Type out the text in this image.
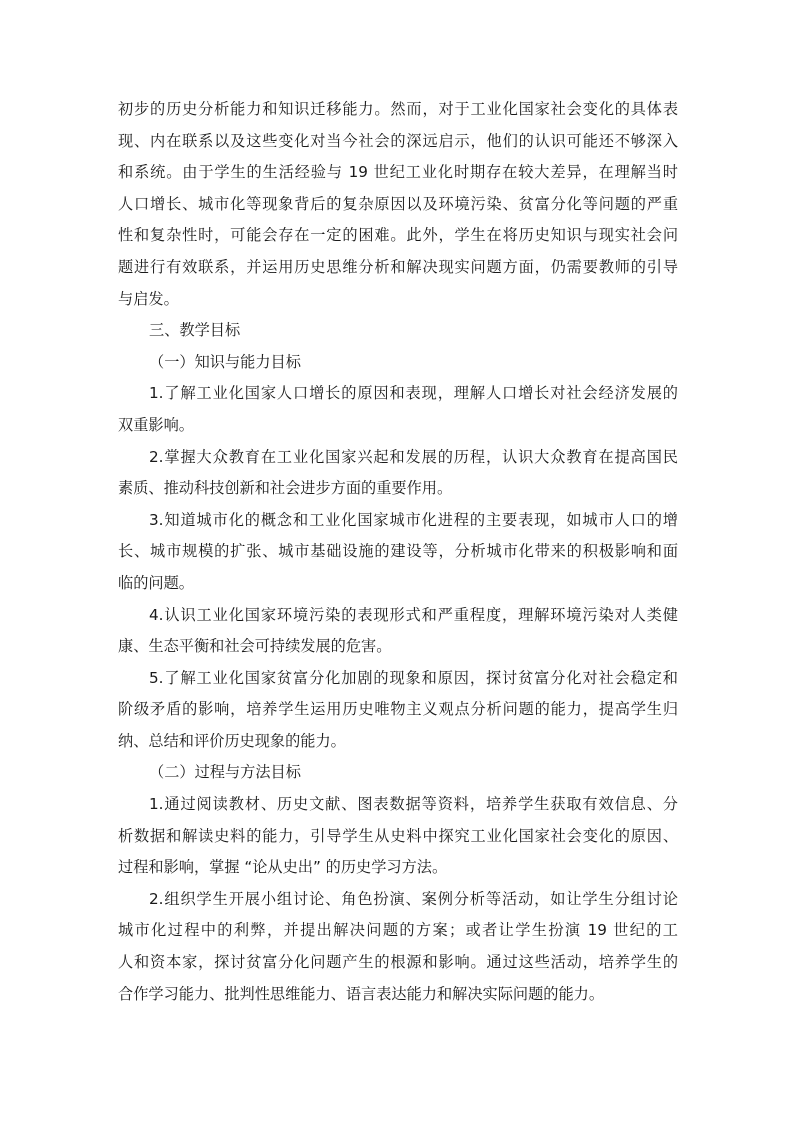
初步的历史分析能力和知识迁移能力。然而，对于工业化国家社会变化的具体表
现、内在联系以及这些变化对当今社会的深远启示，他们的认识可能还不够深入
和系统。由于学生的生活经验与 19 世纪工业化时期存在较大差异，在理解当时
人口增长、城市化等现象背后的复杂原因以及环境污染、贫富分化等问题的严重
性和复杂性时，可能会存在一定的困难。此外，学生在将历史知识与现实社会问
题进行有效联系，并运用历史思维分析和解决现实问题方面，仍需要教师的引导
与启发。
三、教学目标
（一）知识与能力目标
1.了解工业化国家人口增长的原因和表现，理解人口增长对社会经济发展的
双重影响。
2.掌握大众教育在工业化国家兴起和发展的历程，认识大众教育在提高国民
素质、推动科技创新和社会进步方面的重要作用。
3.知道城市化的概念和工业化国家城市化进程的主要表现，如城市人口的增
长、城市规模的扩张、城市基础设施的建设等，分析城市化带来的积极影响和面
临的问题。
4.认识工业化国家环境污染的表现形式和严重程度，理解环境污染对人类健
康、生态平衡和社会可持续发展的危害。
5.了解工业化国家贫富分化加剧的现象和原因，探讨贫富分化对社会稳定和
阶级矛盾的影响，培养学生运用历史唯物主义观点分析问题的能力，提高学生归
纳、总结和评价历史现象的能力。
（二）过程与方法目标
1.通过阅读教材、历史文献、图表数据等资料，培养学生获取有效信息、分
析数据和解读史料的能力，引导学生从史料中探究工业化国家社会变化的原因、
过程和影响，掌握 “论从史出” 的历史学习方法。
2.组织学生开展小组讨论、角色扮演、案例分析等活动，如让学生分组讨论
城市化过程中的利弊，并提出解决问题的方案；或者让学生扮演 19 世纪的工
人和资本家，探讨贫富分化问题产生的根源和影响。通过这些活动，培养学生的
合作学习能力、批判性思维能力、语言表达能力和解决实际问题的能力。
